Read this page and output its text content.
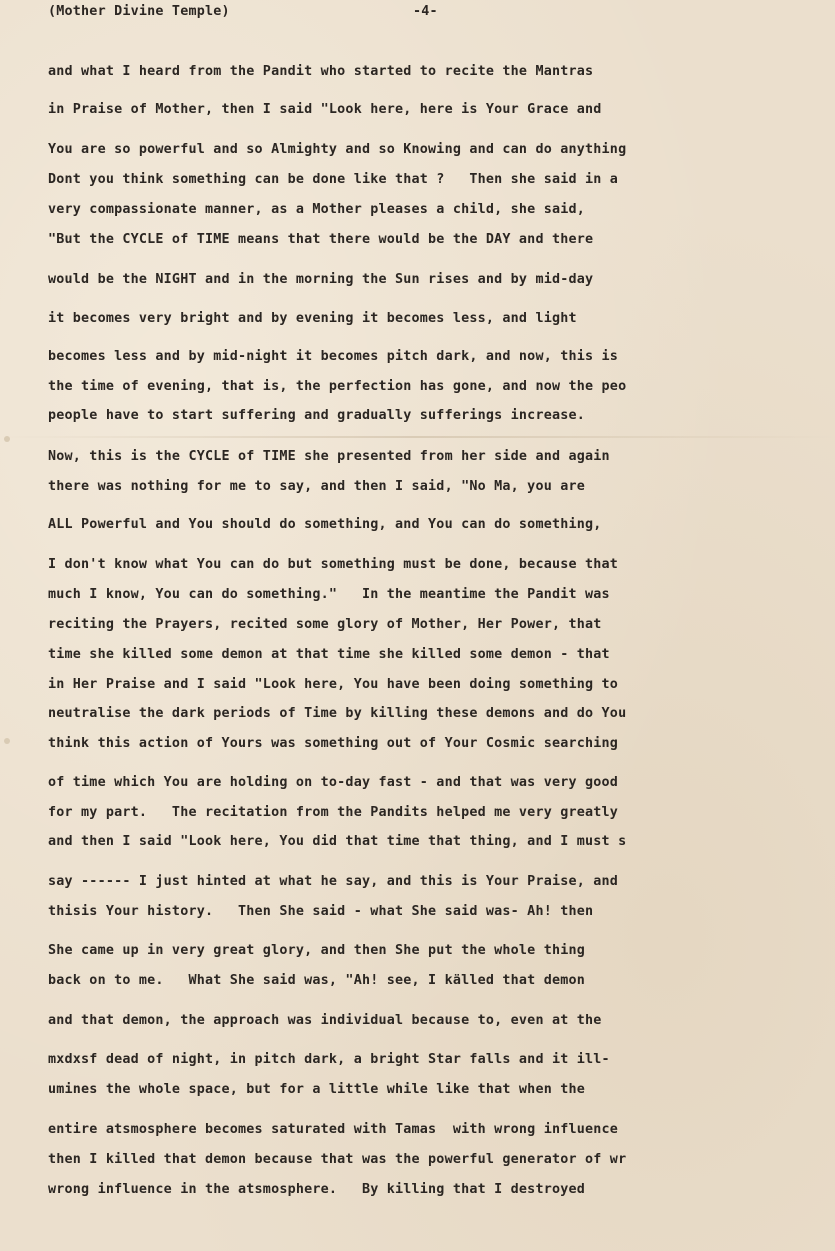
(Mother Divine Temple)	-4-
and what I heard from the Pandit who started to recite the Mantras
in Praise of Mother, then I said "Look here, here is Your Grace and
You are so powerful and so Almighty and so Knowing and can do anything
Dont you think something can be done like that ?   Then she said in a
very compassionate manner, as a Mother pleases a child, she said,
"But the CYCLE of TIME means that there would be the DAY and there
would be the NIGHT and in the morning the Sun rises and by mid-day
it becomes very bright and by evening it becomes less, and light
becomes less and by mid-night it becomes pitch dark, and now, this is
the time of evening, that is, the perfection has gone, and now the peo
people have to start suffering and gradually sufferings increase.
Now, this is the CYCLE of TIME she presented from her side and again
there was nothing for me to say, and then I said, "No Ma, you are
ALL Powerful and You should do something, and You can do something,
I don't know what You can do but something must be done, because that
much I know, You can do something."   In the meantime the Pandit was
reciting the Prayers, recited some glory of Mother, Her Power, that
time she killed some demon at that time she killed some demon - that
in Her Praise and I said "Look here, You have been doing something to
neutralise the dark periods of Time by killing these demons and do You
think this action of Yours was something out of Your Cosmic searching
of time which You are holding on to-day fast - and that was very good
for my part.   The recitation from the Pandits helped me very greatly
and then I said "Look here, You did that time that thing, and I must s
say ------ I just hinted at what he say, and this is Your Praise, and
thisis Your history.   Then She said - what She said was- Ah! then
She came up in very great glory, and then She put the whole thing
back on to me.   What She said was, "Ah! see, I källed that demon
and that demon, the approach was individual because to, even at the
mxdxsf dead of night, in pitch dark, a bright Star falls and it ill-
umines the whole space, but for a little while like that when the
entire atsmosphere becomes saturated with Tamas  with wrong influence
then I killed that demon because that was the powerful generator of wr
wrong influence in the atsmosphere.   By killing that I destroyed
